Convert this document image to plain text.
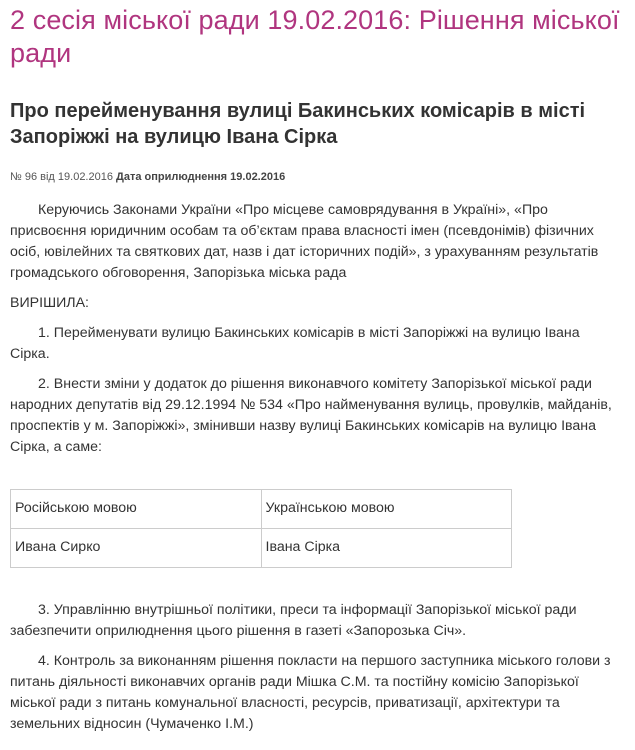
2 сесія міської ради 19.02.2016: Рішення міської ради
Про перейменування вулиці Бакинських комісарів в місті Запоріжжі на вулицю Івана Сірка
№ 96 від 19.02.2016 Дата оприлюднення 19.02.2016

Керуючись Законами України «Про місцеве самоврядування в Україні», «Про присвоєння юридичним особам та об’єктам права власності імен (псевдонімів) фізичних осіб, ювілейних та святкових дат, назв і дат історичних подій», з урахуванням результатів громадського обговорення, Запорізька міська рада

ВИРІШИЛА:

1. Перейменувати вулицю Бакинських комісарів в місті Запоріжжі на вулицю Івана Сірка.

2. Внести зміни у додаток до рішення виконавчого комітету Запорізької міської ради народних депутатів від 29.12.1994 № 534 «Про найменування вулиць, провулків, майданів, проспектів у м. Запоріжжі», змінивши назву вулиці Бакинських комісарів на вулицю Івана Сірка, а саме:

Російською мовою	Українською мовою
Ивана Сирко	Івана Сірка

3. Управлінню внутрішньої політики, преси та інформації Запорізької міської ради забезпечити оприлюднення цього рішення в газеті «Запорозька Січ».

4. Контроль за виконанням рішення покласти на першого заступника міського голови з питань діяльності виконавчих органів ради Мішка С.М. та постійну комісію Запорізької міської ради з питань комунальної власності, ресурсів, приватизації, архітектури та земельних відносин (Чумаченко І.М.)
